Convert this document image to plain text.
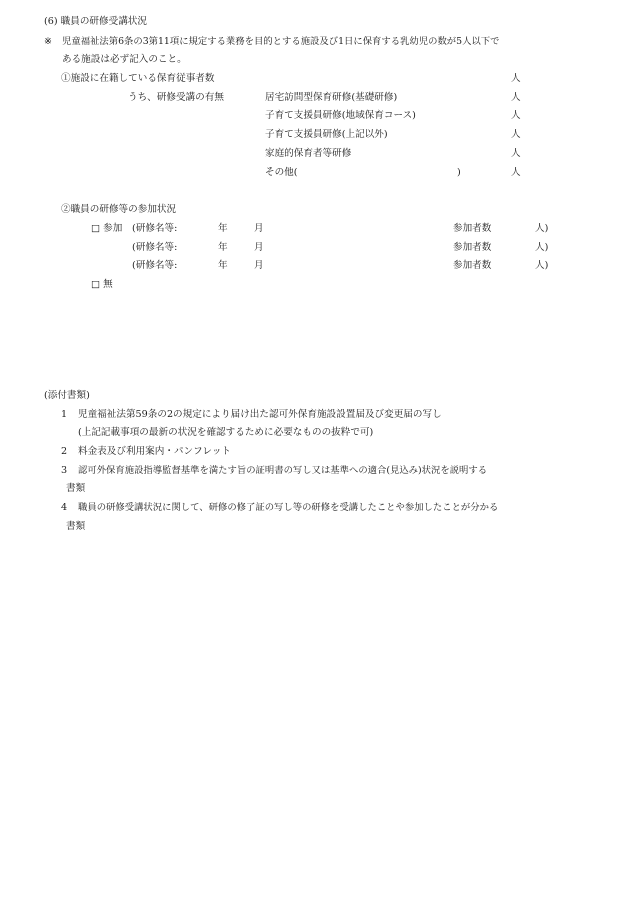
(6) 職員の研修受講状況
※ 児童福祉法第6条の3第11項に規定する業務を目的とする施設及び1日に保育する乳幼児の数が5人以下で
ある施設は必ず記入のこと。
①施設に在籍している保育従事者数	人
うち、研修受講の有無	居宅訪問型保育研修(基礎研修)	人
子育て支援員研修(地域保育コース)	人
子育て支援員研修(上記以外)	人
家庭的保育者等研修	人
その他(	)	人
②職員の研修等の参加状況
□ 参加 (研修名等:	年	月	参加者数	人)
(研修名等:	年	月	参加者数	人)
(研修名等:	年	月	参加者数	人)
□ 無
(添付書類)
1 児童福祉法第59条の2の規定により届け出た認可外保育施設設置届及び変更届の写し
(上記記載事項の最新の状況を確認するために必要なものの抜粋で可)
2 料金表及び利用案内・パンフレット
3 認可外保育施設指導監督基準を満たす旨の証明書の写し又は基準への適合(見込み)状況を説明する
書類
4 職員の研修受講状況に関して、研修の修了証の写し等の研修を受講したことや参加したことが分かる
書類
